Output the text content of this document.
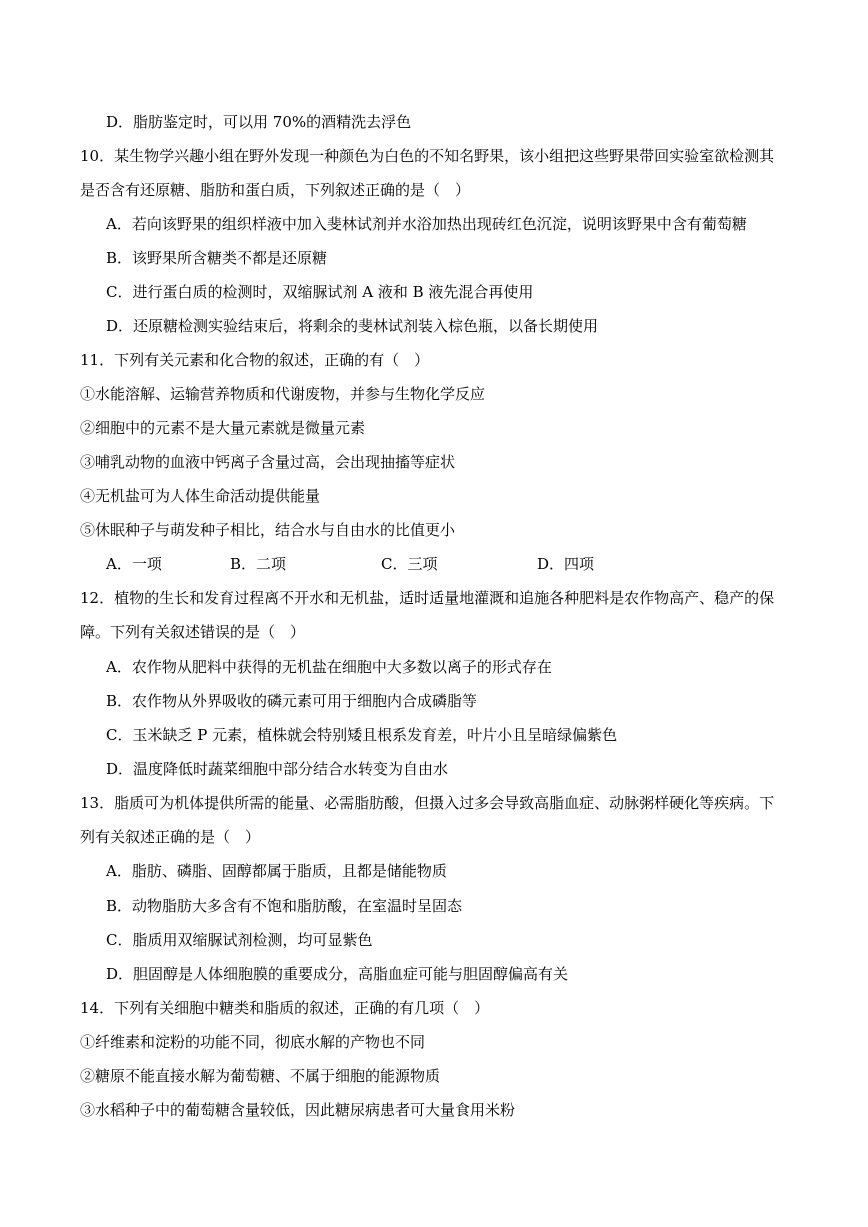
D．脂肪鉴定时，可以用 70%的酒精洗去浮色
10．某生物学兴趣小组在野外发现一种颜色为白色的不知名野果，该小组把这些野果带回实验室欲检测其
是否含有还原糖、脂肪和蛋白质，下列叙述正确的是（　）
A．若向该野果的组织样液中加入斐林试剂并水浴加热出现砖红色沉淀，说明该野果中含有葡萄糖
B．该野果所含糖类不都是还原糖
C．进行蛋白质的检测时，双缩脲试剂 A 液和 B 液先混合再使用
D．还原糖检测实验结束后，将剩余的斐林试剂装入棕色瓶，以备长期使用
11．下列有关元素和化合物的叙述，正确的有（　）
①水能溶解、运输营养物质和代谢废物，并参与生物化学反应
②细胞中的元素不是大量元素就是微量元素
③哺乳动物的血液中钙离子含量过高，会出现抽搐等症状
④无机盐可为人体生命活动提供能量
⑤休眠种子与萌发种子相比，结合水与自由水的比值更小
A．一项	B．二项	C．三项	D．四项
12．植物的生长和发育过程离不开水和无机盐，适时适量地灌溉和追施各种肥料是农作物高产、稳产的保
障。下列有关叙述错误的是（　）
A．农作物从肥料中获得的无机盐在细胞中大多数以离子的形式存在
B．农作物从外界吸收的磷元素可用于细胞内合成磷脂等
C．玉米缺乏 P 元素，植株就会特别矮且根系发育差，叶片小且呈暗绿偏紫色
D．温度降低时蔬菜细胞中部分结合水转变为自由水
13．脂质可为机体提供所需的能量、必需脂肪酸，但摄入过多会导致高脂血症、动脉粥样硬化等疾病。下
列有关叙述正确的是（　）
A．脂肪、磷脂、固醇都属于脂质，且都是储能物质
B．动物脂肪大多含有不饱和脂肪酸，在室温时呈固态
C．脂质用双缩脲试剂检测，均可显紫色
D．胆固醇是人体细胞膜的重要成分，高脂血症可能与胆固醇偏高有关
14．下列有关细胞中糖类和脂质的叙述，正确的有几项（　）
①纤维素和淀粉的功能不同，彻底水解的产物也不同
②糖原不能直接水解为葡萄糖、不属于细胞的能源物质
③水稻种子中的葡萄糖含量较低，因此糖尿病患者可大量食用米粉
